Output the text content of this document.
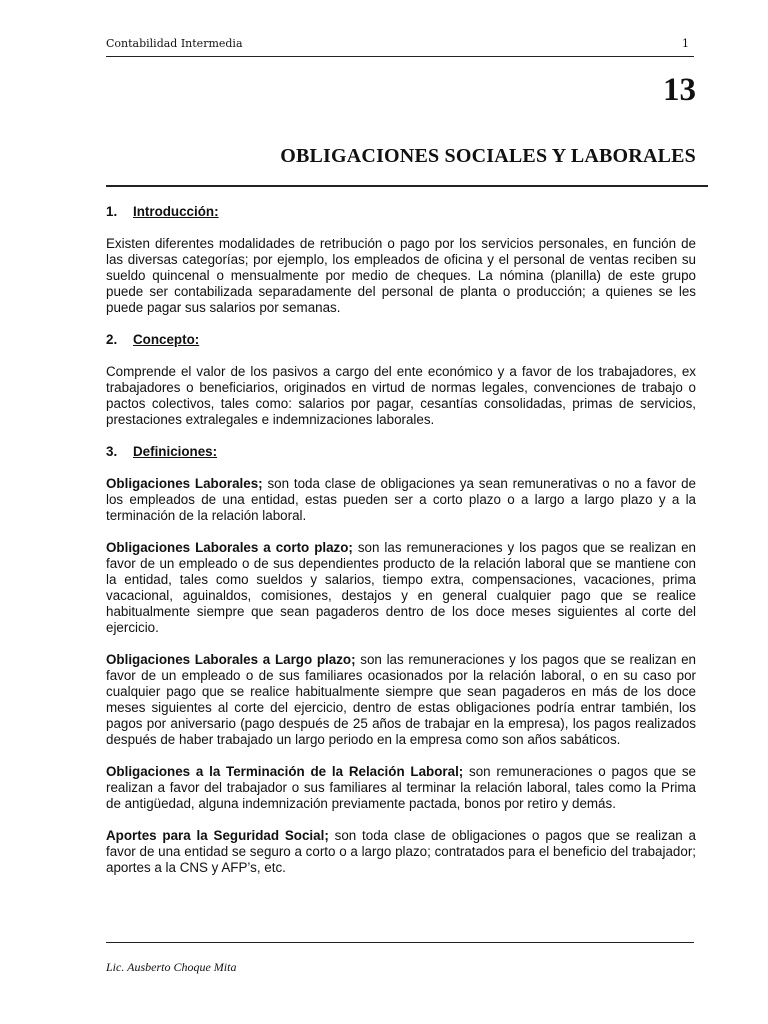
Contabilidad Intermedia	1
13
OBLIGACIONES SOCIALES Y LABORALES
1. Introducción:

Existen diferentes modalidades de retribución o pago por los servicios personales, en función de las diversas categorías; por ejemplo, los empleados de oficina y el personal de ventas reciben su sueldo quincenal o mensualmente por medio de cheques. La nómina (planilla) de este grupo puede ser contabilizada separadamente del personal de planta o producción; a quienes se les puede pagar sus salarios por semanas.

2. Concepto:

Comprende el valor de los pasivos a cargo del ente económico y a favor de los trabajadores, ex trabajadores o beneficiarios, originados en virtud de normas legales, convenciones de trabajo o pactos colectivos, tales como: salarios por pagar, cesantías consolidadas, primas de servicios, prestaciones extralegales e indemnizaciones laborales.

3. Definiciones:

Obligaciones Laborales; son toda clase de obligaciones ya sean remunerativas o no a favor de los empleados de una entidad, estas pueden ser a corto plazo o a largo a largo plazo y a la terminación de la relación laboral.

Obligaciones Laborales a corto plazo; son las remuneraciones y los pagos que se realizan en favor de un empleado o de sus dependientes producto de la relación laboral que se mantiene con la entidad, tales como sueldos y salarios, tiempo extra, compensaciones, vacaciones, prima vacacional, aguinaldos, comisiones, destajos y en general cualquier pago que se realice habitualmente siempre que sean pagaderos dentro de los doce meses siguientes al corte del ejercicio.

Obligaciones Laborales a Largo plazo; son las remuneraciones y los pagos que se realizan en favor de un empleado o de sus familiares ocasionados por la relación laboral, o en su caso por cualquier pago que se realice habitualmente siempre que sean pagaderos en más de los doce meses siguientes al corte del ejercicio, dentro de estas obligaciones podría entrar también, los pagos por aniversario (pago después de 25 años de trabajar en la empresa), los pagos realizados después de haber trabajado un largo periodo en la empresa como son años sabáticos.

Obligaciones a la Terminación de la Relación Laboral; son remuneraciones o pagos que se realizan a favor del trabajador o sus familiares al terminar la relación laboral, tales como la Prima de antigüedad, alguna indemnización previamente pactada, bonos por retiro y demás.

Aportes para la Seguridad Social; son toda clase de obligaciones o pagos que se realizan a favor de una entidad se seguro a corto o a largo plazo; contratados para el beneficio del trabajador; aportes a la CNS y AFP’s, etc.

Lic. Ausberto Choque Mita
